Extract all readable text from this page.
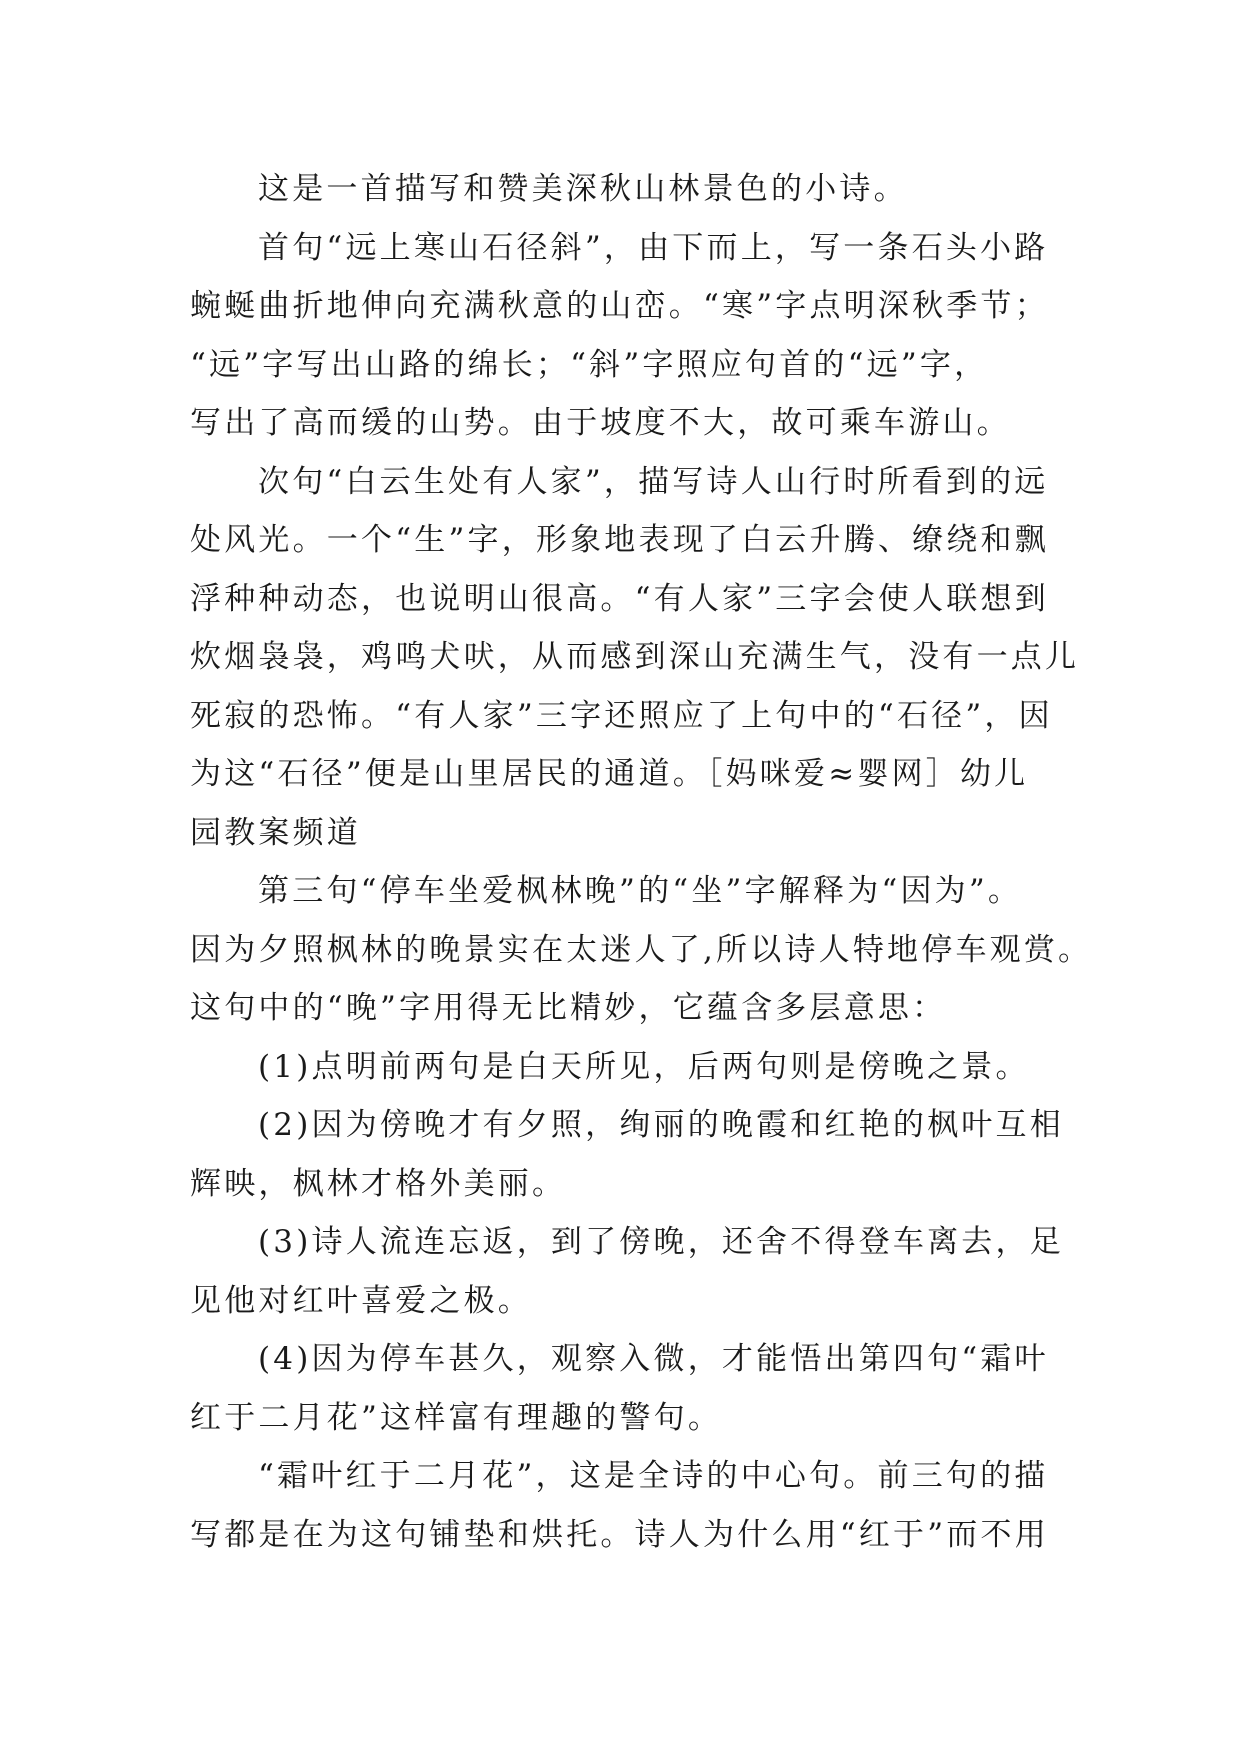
这是一首描写和赞美深秋山林景色的小诗。
首句“远上寒山石径斜”，由下而上，写一条石头小路
蜿蜒曲折地伸向充满秋意的山峦。“寒”字点明深秋季节；
“远”字写出山路的绵长；“斜”字照应句首的“远”字，
写出了高而缓的山势。由于坡度不大，故可乘车游山。
次句“白云生处有人家”，描写诗人山行时所看到的远
处风光。一个“生”字，形象地表现了白云升腾、缭绕和飘
浮种种动态，也说明山很高。“有人家”三字会使人联想到
炊烟袅袅，鸡鸣犬吠，从而感到深山充满生气，没有一点儿
死寂的恐怖。“有人家”三字还照应了上句中的“石径”，因
为这“石径”便是山里居民的通道。［妈咪爱≈婴网］幼儿
园教案频道
第三句“停车坐爱枫林晚”的“坐”字解释为“因为”。
因为夕照枫林的晚景实在太迷人了,所以诗人特地停车观赏。
这句中的“晚”字用得无比精妙，它蕴含多层意思：
(1)点明前两句是白天所见，后两句则是傍晚之景。
(2)因为傍晚才有夕照，绚丽的晚霞和红艳的枫叶互相
辉映，枫林才格外美丽。
(3)诗人流连忘返，到了傍晚，还舍不得登车离去，足
见他对红叶喜爱之极。
(4)因为停车甚久，观察入微，才能悟出第四句“霜叶
红于二月花”这样富有理趣的警句。
“霜叶红于二月花”，这是全诗的中心句。前三句的描
写都是在为这句铺垫和烘托。诗人为什么用“红于”而不用
